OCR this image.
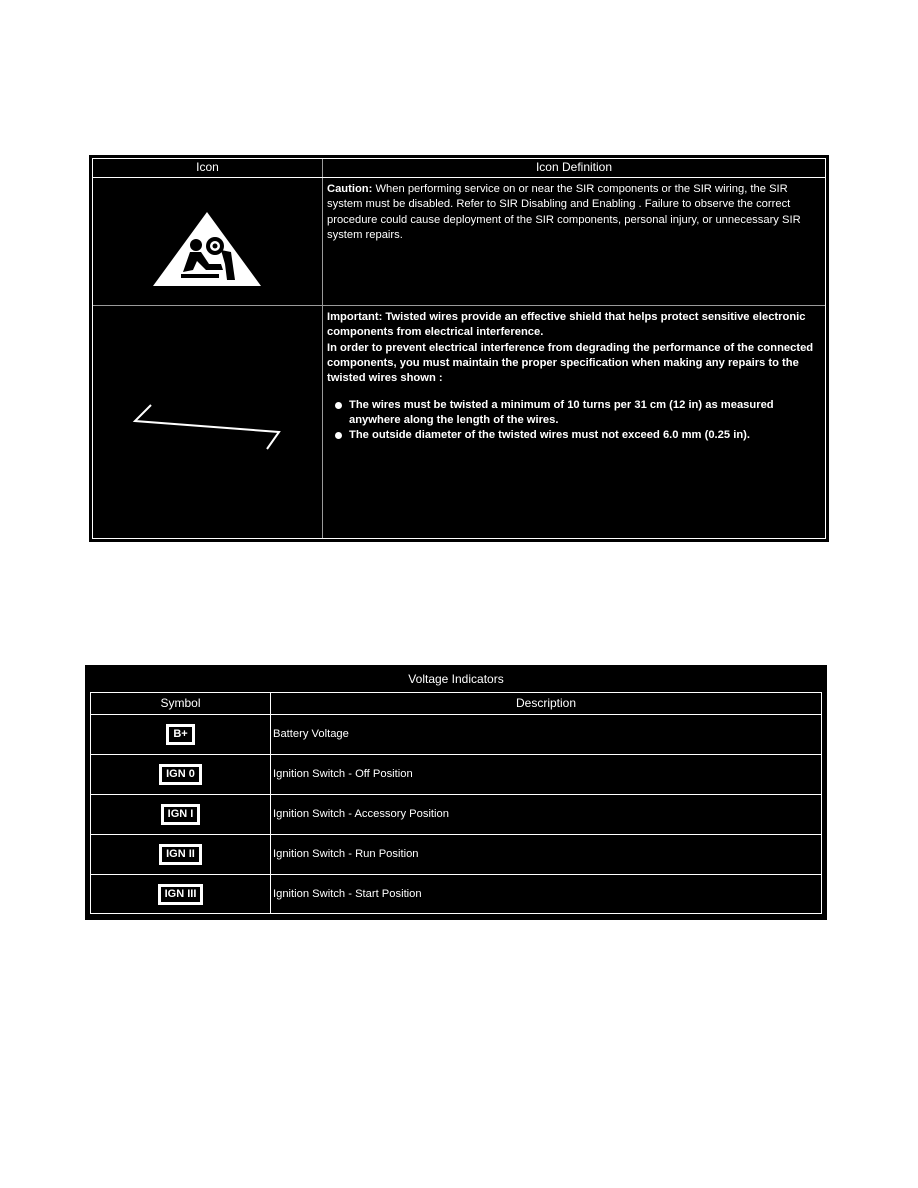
Icon	Icon Definition
Caution: When performing service on or near the SIR components or the SIR wiring, the SIR system must be disabled. Refer to SIR Disabling and Enabling . Failure to observe the correct procedure could cause deployment of the SIR components, personal injury, or unnecessary SIR system repairs.
Important: Twisted wires provide an effective shield that helps protect sensitive electronic components from electrical interference.
In order to prevent electrical interference from degrading the performance of the connected components, you must maintain the proper specification when making any repairs to the twisted wires shown :
The wires must be twisted a minimum of 10 turns per 31 cm (12 in) as measured anywhere along the length of the wires.
The outside diameter of the twisted wires must not exceed 6.0 mm (0.25 in).
Voltage Indicators
Symbol	Description
B+	Battery Voltage
IGN 0	Ignition Switch - Off Position
IGN I	Ignition Switch - Accessory Position
IGN II	Ignition Switch - Run Position
IGN III	Ignition Switch - Start Position
